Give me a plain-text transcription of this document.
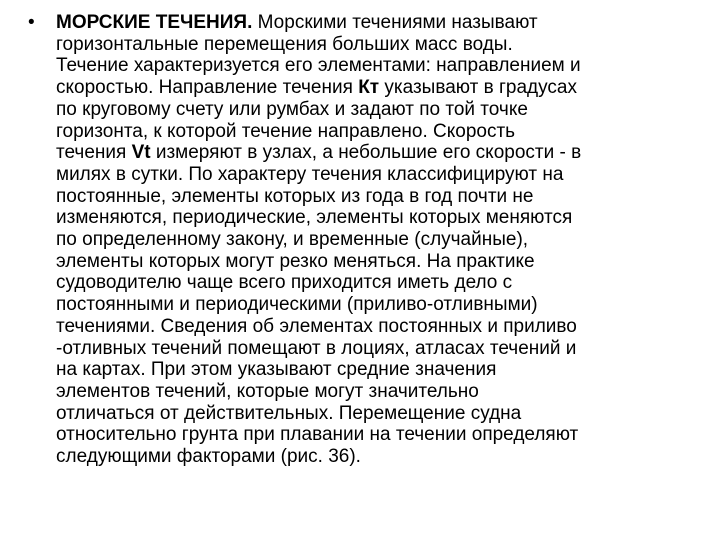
•	МОРСКИЕ ТЕЧЕНИЯ. Морскими течениями называют
горизонтальные перемещения больших масс воды.
Течение характеризуется его элементами: направлением и
скоростью. Направление течения Кт указывают в градусах
по круговому счету или румбах и задают по той точке
горизонта, к которой течение направлено. Скорость
течения Vt измеряют в узлах, а небольшие его скорости - в
милях в сутки. По характеру течения классифицируют на
постоянные, элементы которых из года в год почти не
изменяются, периодические, элементы которых меняются
по определенному закону, и временные (случайные),
элементы которых могут резко меняться. На практике
судоводителю чаще всего приходится иметь дело с
постоянными и периодическими (приливо-отливными)
течениями. Сведения об элементах постоянных и приливо
-отливных течений помещают в лоциях, атласах течений и
на картах. При этом указывают средние значения
элементов течений, которые могут значительно
отличаться от действительных. Перемещение судна
относительно грунта при плавании на течении определяют
следующими факторами (рис. 36).
